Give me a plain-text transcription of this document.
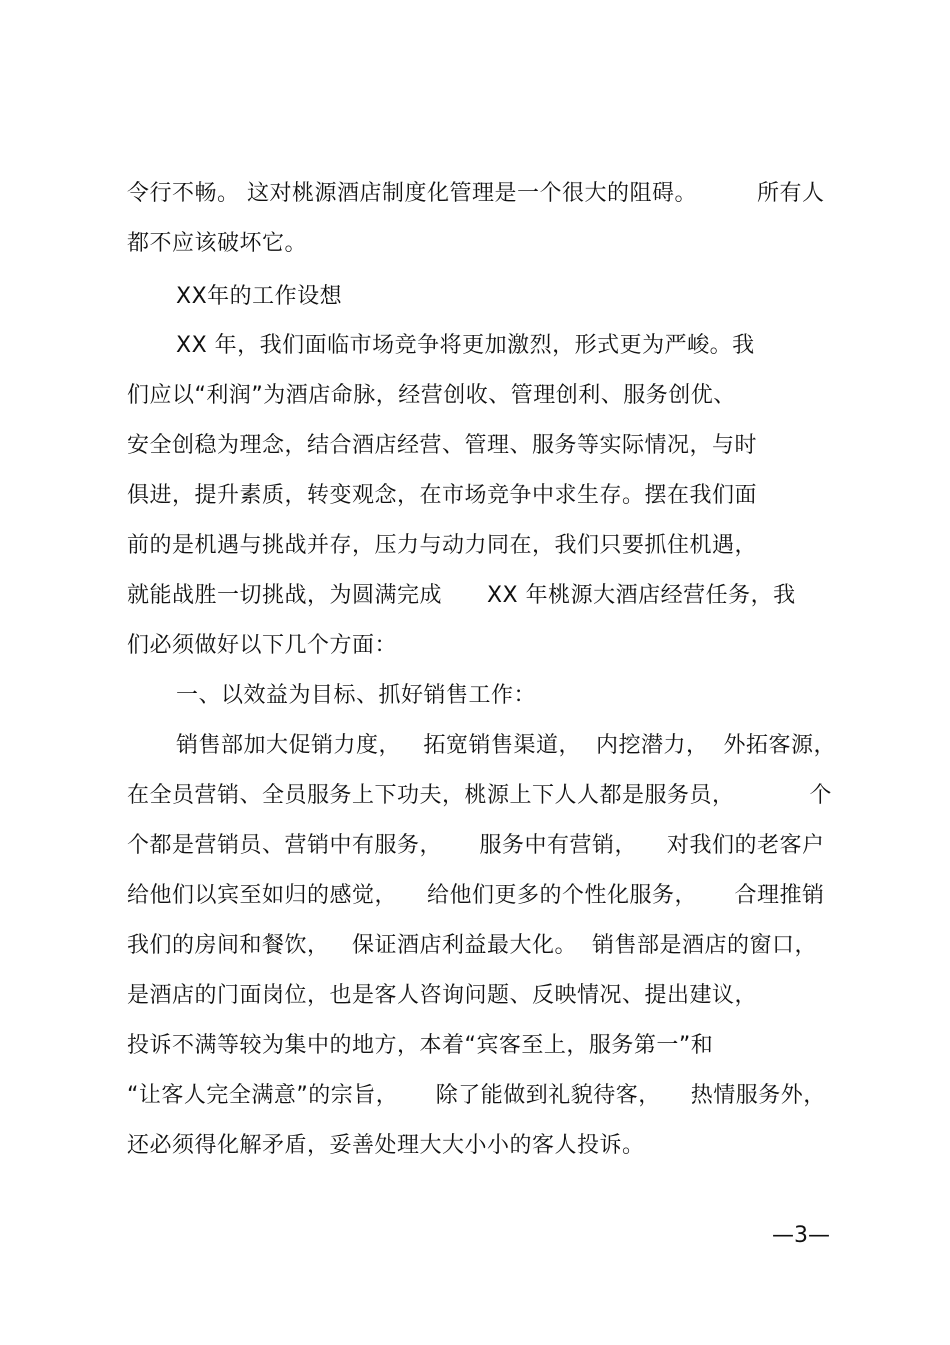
令行不畅。 这对桃源酒店制度化管理是一个很大的阻碍。        所有人
都不应该破坏它。
XX年的工作设想
XX 年，我们面临市场竞争将更加激烈，形式更为严峻。我
们应以“利润”为酒店命脉，经营创收、管理创利、服务创优、
安全创稳为理念，结合酒店经营、管理、服务等实际情况，与时
俱进，提升素质，转变观念，在市场竞争中求生存。摆在我们面
前的是机遇与挑战并存，压力与动力同在，我们只要抓住机遇，
就能战胜一切挑战，为圆满完成      XX 年桃源大酒店经营任务，我
们必须做好以下几个方面：
一、以效益为目标、抓好销售工作：
销售部加大促销力度，   拓宽销售渠道，  内挖潜力，  外拓客源，
在全员营销、全员服务上下功夫，桃源上下人人都是服务员，          个
个都是营销员、营销中有服务，     服务中有营销，    对我们的老客户
给他们以宾至如归的感觉，    给他们更多的个性化服务，     合理推销
我们的房间和餐饮，   保证酒店利益最大化。  销售部是酒店的窗口，
是酒店的门面岗位，也是客人咨询问题、反映情况、提出建议，
投诉不满等较为集中的地方，本着“宾客至上，服务第一”和
“让客人完全满意”的宗旨，     除了能做到礼貌待客，    热情服务外，
还必须得化解矛盾，妥善处理大大小小的客人投诉。
—3—
